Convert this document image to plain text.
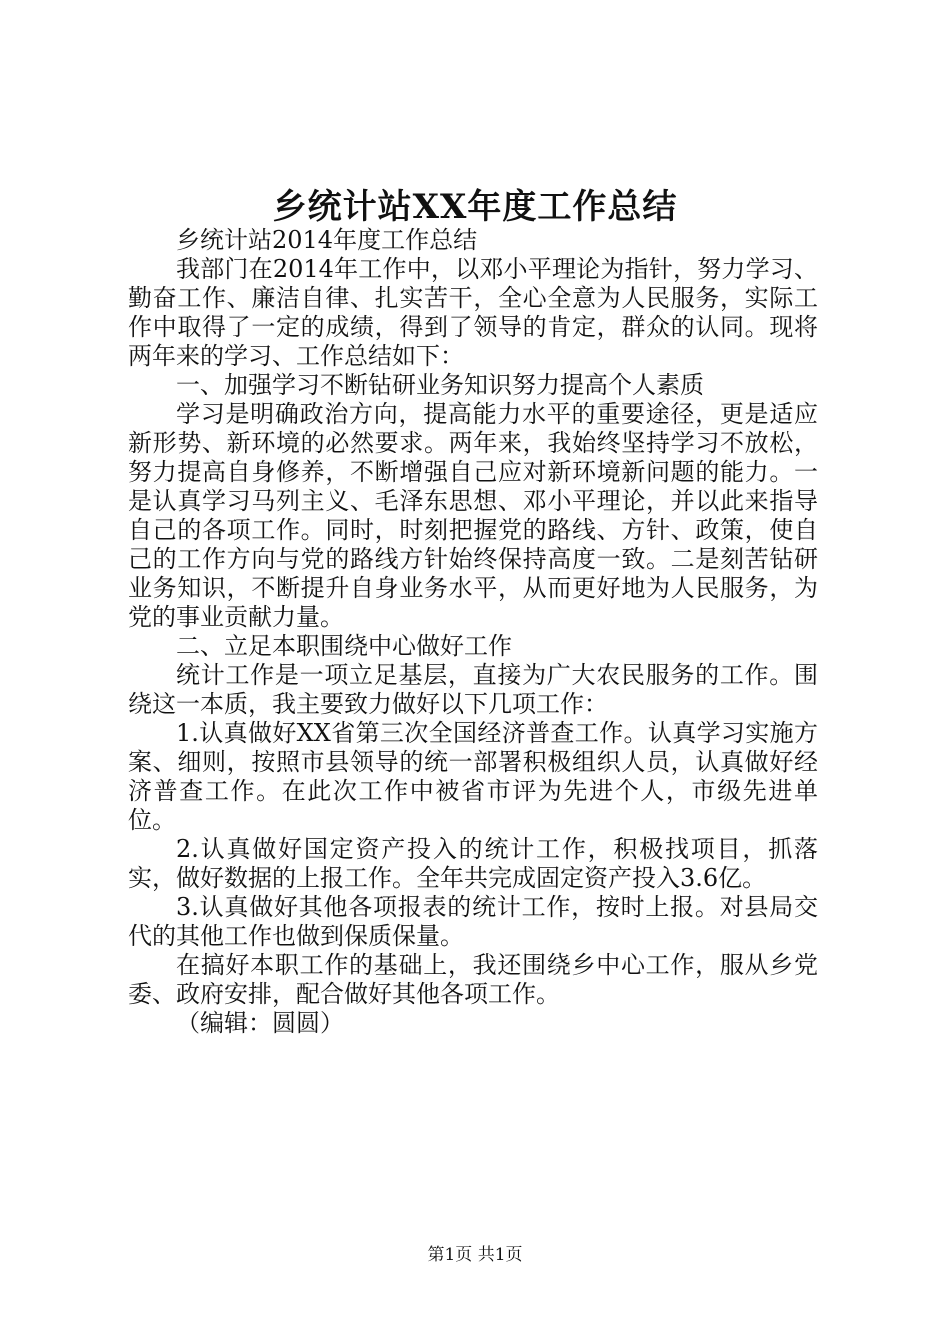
乡统计站XX年度工作总结

乡统计站2014年度工作总结

我部门在2014年工作中，以邓小平理论为指针，努力学习、勤奋工作、廉洁自律、扎实苦干，全心全意为人民服务，实际工作中取得了一定的成绩，得到了领导的肯定，群众的认同。现将两年来的学习、工作总结如下：

一、加强学习不断钻研业务知识努力提高个人素质

学习是明确政治方向，提高能力水平的重要途径，更是适应新形势、新环境的必然要求。两年来，我始终坚持学习不放松，努力提高自身修养，不断增强自己应对新环境新问题的能力。一是认真学习马列主义、毛泽东思想、邓小平理论，并以此来指导自己的各项工作。同时，时刻把握党的路线、方针、政策，使自己的工作方向与党的路线方针始终保持高度一致。二是刻苦钻研业务知识，不断提升自身业务水平，从而更好地为人民服务，为党的事业贡献力量。

二、立足本职围绕中心做好工作

统计工作是一项立足基层，直接为广大农民服务的工作。围绕这一本质，我主要致力做好以下几项工作：

1.认真做好XX省第三次全国经济普查工作。认真学习实施方案、细则，按照市县领导的统一部署积极组织人员，认真做好经济普查工作。在此次工作中被省市评为先进个人，市级先进单位。

2.认真做好国定资产投入的统计工作，积极找项目，抓落实，做好数据的上报工作。全年共完成固定资产投入3.6亿。

3.认真做好其他各项报表的统计工作，按时上报。对县局交代的其他工作也做到保质保量。

在搞好本职工作的基础上，我还围绕乡中心工作，服从乡党委、政府安排，配合做好其他各项工作。

（编辑：圆圆）

第1页 共1页
